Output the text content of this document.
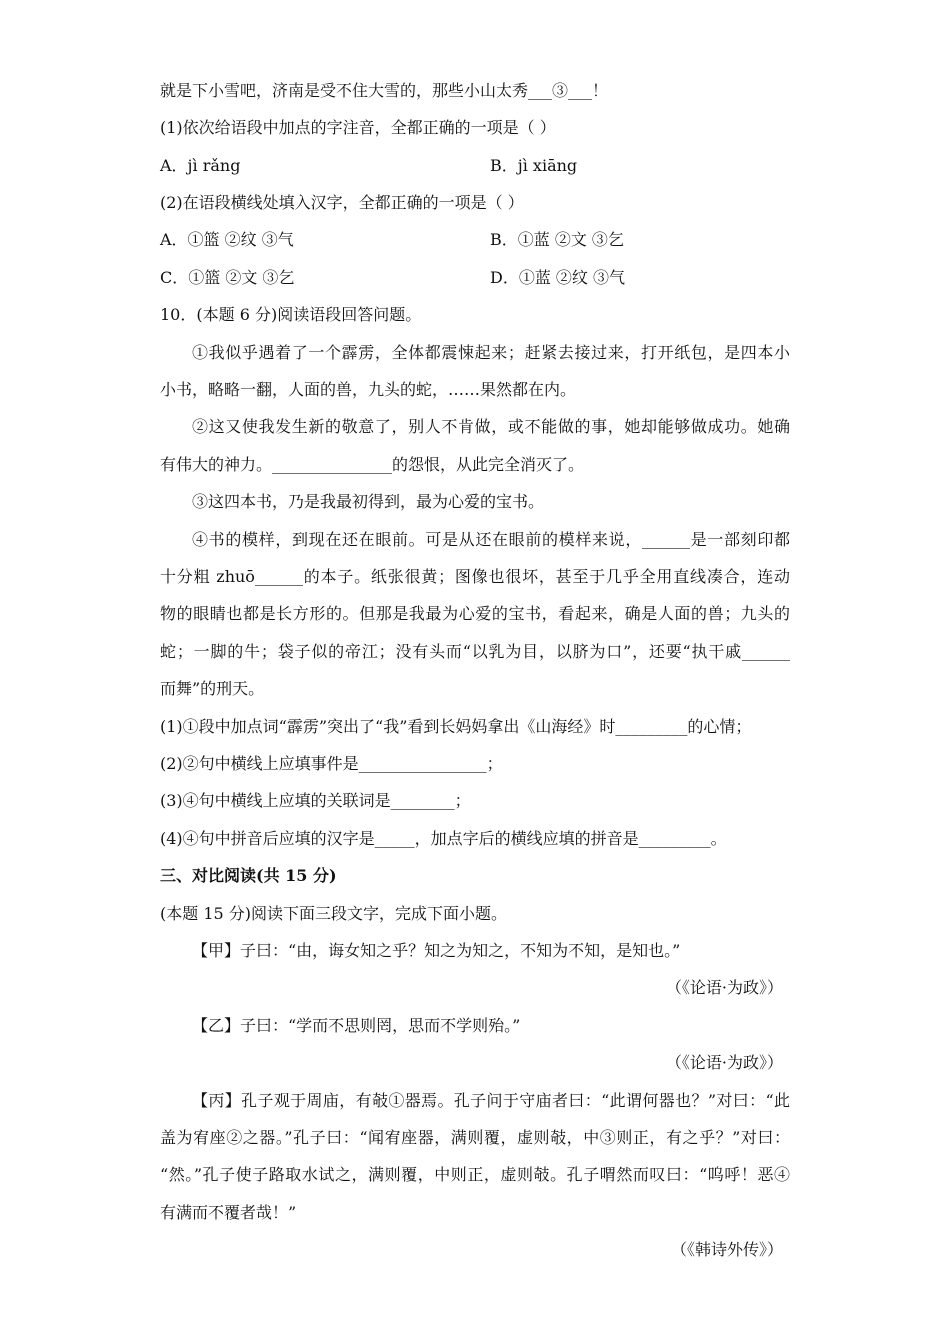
就是下小雪吧，济南是受不住大雪的，那些小山太秀___③___！
(1)依次给语段中加点的字注音，全都正确的一项是（ ）
A．jì rǎng	B．jì xiāng
(2)在语段横线处填入汉字，全都正确的一项是（ ）
A．①篮 ②纹 ③气	B．①蓝 ②文 ③乞
C．①篮 ②文 ③乞	D．①蓝 ②纹 ③气
10．(本题 6 分)阅读语段回答问题。
①我似乎遇着了一个霹雳，全体都震悚起来；赶紧去接过来，打开纸包，是四本小
小书，略略一翻，人面的兽，九头的蛇，……果然都在内。
②这又使我发生新的敬意了，别人不肯做，或不能做的事，她却能够做成功。她确
有伟大的神力。_______________的怨恨，从此完全消灭了。
③这四本书，乃是我最初得到，最为心爱的宝书。
④书的模样，到现在还在眼前。可是从还在眼前的模样来说，______是一部刻印都
十分粗 zhuō______的本子。纸张很黄；图像也很坏，甚至于几乎全用直线凑合，连动
物的眼睛也都是长方形的。但那是我最为心爱的宝书，看起来，确是人面的兽；九头的
蛇；一脚的牛；袋子似的帝江；没有头而“以乳为目，以脐为口”，还要“执干戚______
而舞”的刑天。
(1)①段中加点词“霹雳”突出了“我”看到长妈妈拿出《山海经》时_________的心情；
(2)②句中横线上应填事件是________________；
(3)④句中横线上应填的关联词是________；
(4)④句中拼音后应填的汉字是_____，加点字后的横线应填的拼音是_________。
三、对比阅读(共 15 分)
(本题 15 分)阅读下面三段文字，完成下面小题。
【甲】子曰：“由，诲女知之乎？知之为知之，不知为不知，是知也。”
（《论语·为政》）
【乙】子曰：“学而不思则罔，思而不学则殆。”
（《论语·为政》）
【丙】孔子观于周庙，有攲①器焉。孔子问于守庙者曰：“此谓何器也？”对曰：“此
盖为宥座②之器。”孔子曰：“闻宥座器，满则覆，虚则攲，中③则正，有之乎？”对曰：
“然。”孔子使子路取水试之，满则覆，中则正，虚则攲。孔子喟然而叹曰：“呜呼！恶④
有满而不覆者哉！”
（《韩诗外传》）
